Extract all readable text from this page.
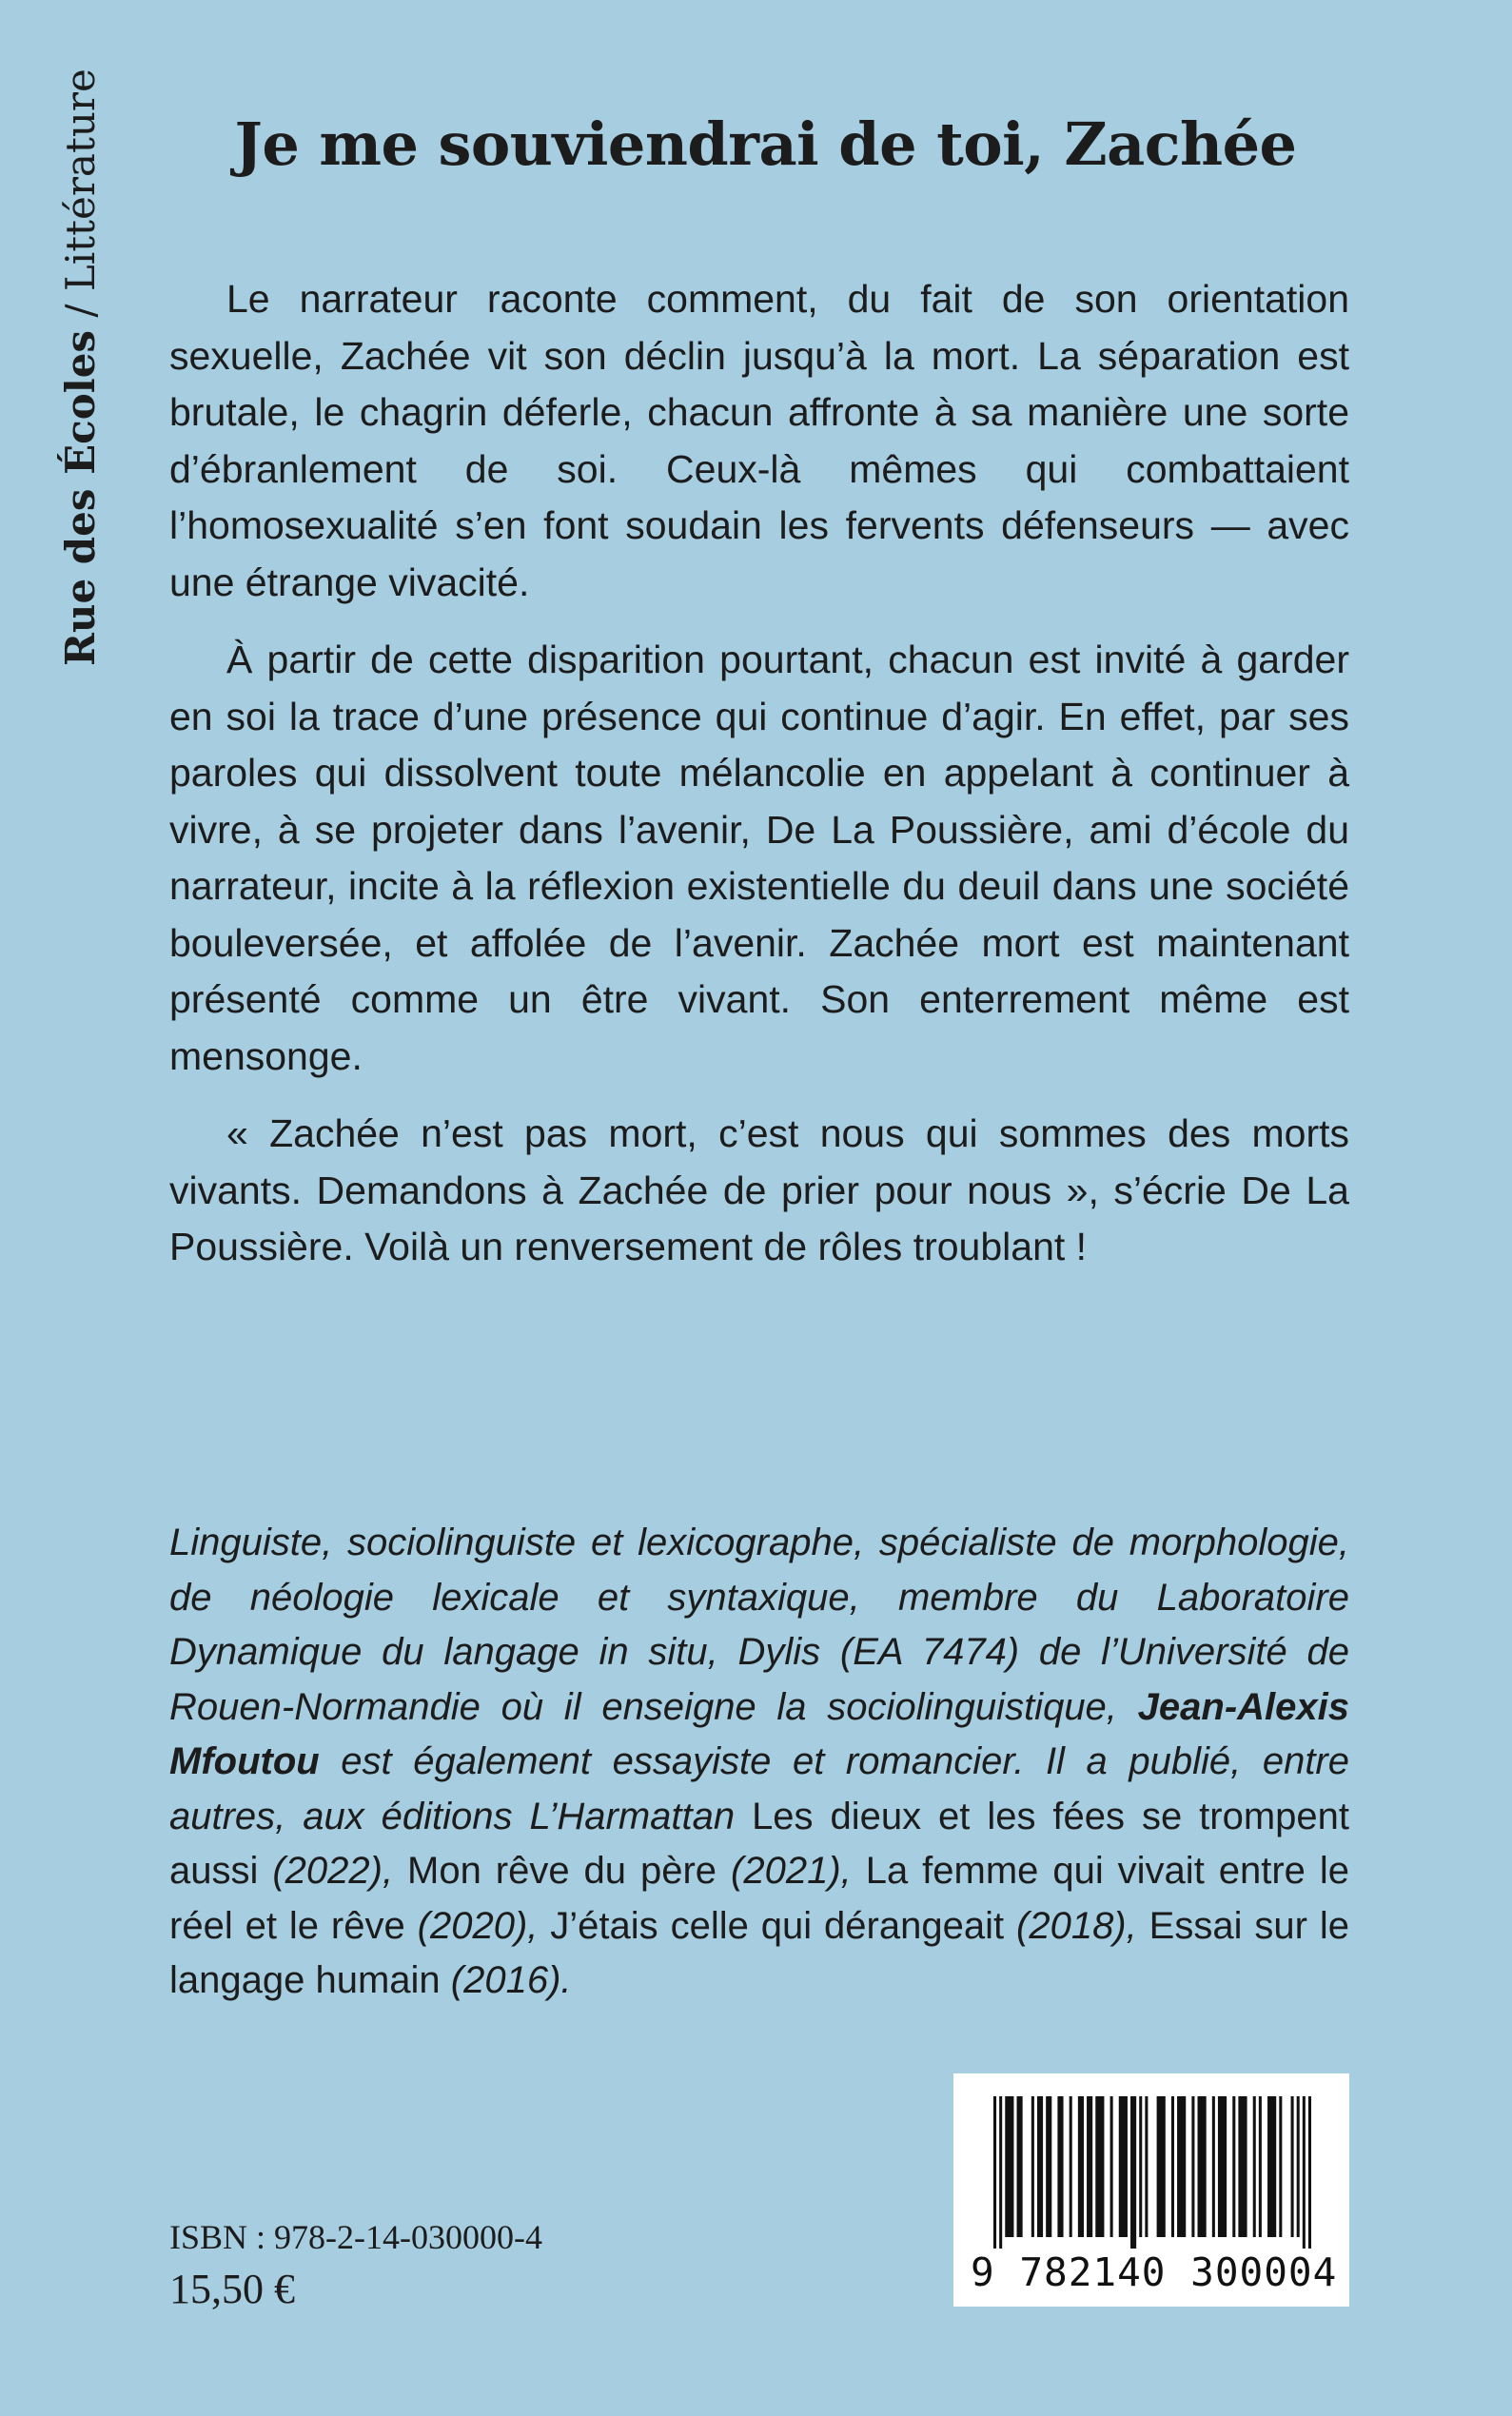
Rue des Écoles / Littérature	Je me souviendrai de toi, Zachée

Le narrateur raconte comment, du fait de son orientation sexuelle, Zachée vit son déclin jusqu’à la mort. La séparation est brutale, le chagrin déferle, chacun affronte à sa manière une sorte d’ébranlement de soi. Ceux-là mêmes qui combattaient l’homosexualité s’en font soudain les fervents défenseurs — avec une étrange vivacité.

À partir de cette disparition pourtant, chacun est invité à garder en soi la trace d’une présence qui continue d’agir. En effet, par ses paroles qui dissolvent toute mélancolie en appelant à continuer à vivre, à se projeter dans l’avenir, De La Poussière, ami d’école du narrateur, incite à la réflexion existentielle du deuil dans une société bouleversée, et affolée de l’avenir. Zachée mort est maintenant présenté comme un être vivant. Son enterrement même est mensonge.

« Zachée n’est pas mort, c’est nous qui sommes des morts vivants. Demandons à Zachée de prier pour nous », s’écrie De La Poussière. Voilà un renversement de rôles troublant !

Linguiste, sociolinguiste et lexicographe, spécialiste de morphologie, de néologie lexicale et syntaxique, membre du Laboratoire Dynamique du langage in situ, Dylis (EA 7474) de l’Université de Rouen-Normandie où il enseigne la sociolinguistique, Jean-Alexis Mfoutou est également essayiste et romancier. Il a publié, entre autres, aux éditions L’Harmattan Les dieux et les fées se trompent aussi (2022), Mon rêve du père (2021), La femme qui vivait entre le réel et le rêve (2020), J’étais celle qui dérangeait (2018), Essai sur le langage humain (2016).
ISBN : 978-2-14-030000-4
15,50 €	9 782140 300004
